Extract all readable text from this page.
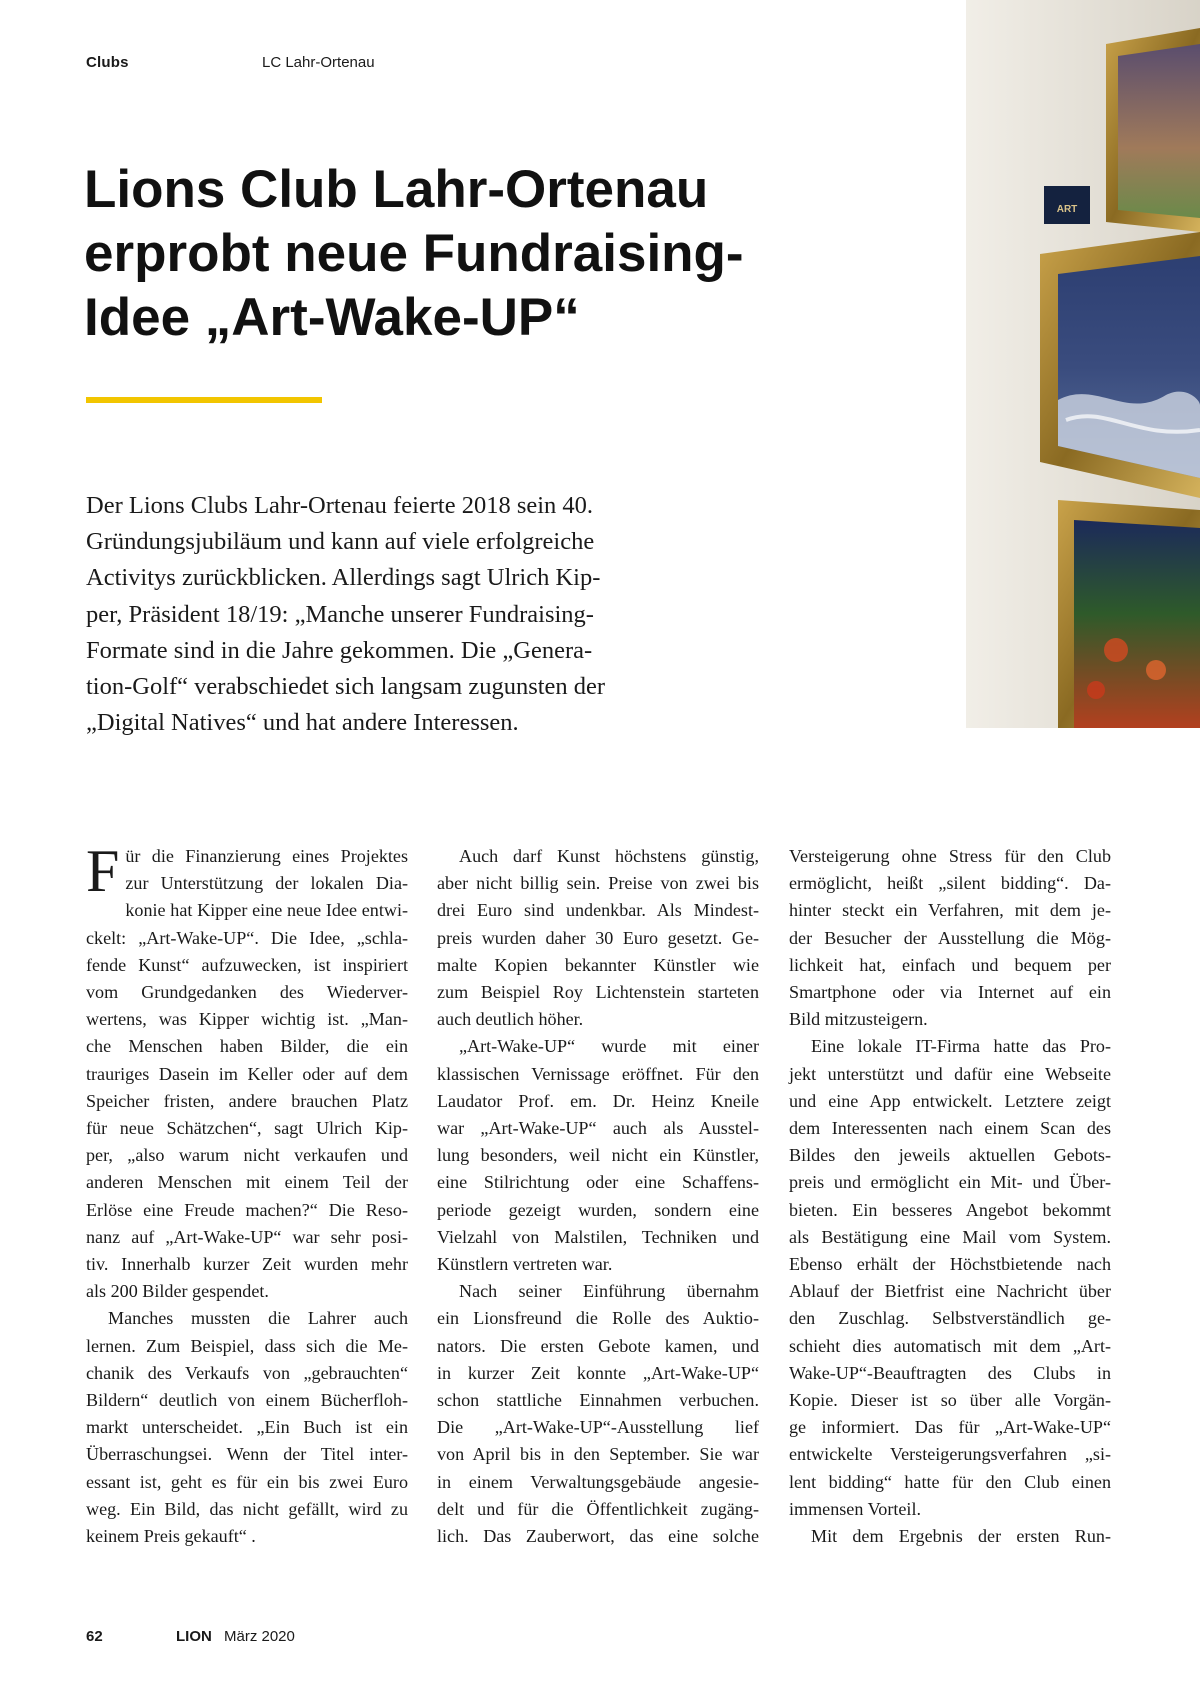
Clubs	LC Lahr-Ortenau
Lions Club Lahr-Ortenau
erprobt neue Fundraising-
Idee „Art-Wake-UP“

Der Lions Clubs Lahr-Ortenau feierte 2018 sein 40.
Gründungsjubiläum und kann auf viele erfolgreiche
Activitys zurückblicken. Allerdings sagt Ulrich Kip-
per, Präsident 18/19: „Manche unserer Fundraising-
Formate sind in die Jahre gekommen. Die „Genera-
tion-Golf“ verabschiedet sich langsam zugunsten der
„Digital Natives“ und hat andere Interessen.

ART
F ür die Finanzierung eines Projektes
zur Unterstützung der lokalen Dia-
konie hat Kipper eine neue Idee entwi-
ckelt: „Art-Wake-UP“. Die Idee, „schla-
fende Kunst“ aufzuwecken, ist inspiriert
vom Grundgedanken des Wiederver-
wertens, was Kipper wichtig ist. „Man-
che Menschen haben Bilder, die ein
trauriges Dasein im Keller oder auf dem
Speicher fristen, andere brauchen Platz
für neue Schätzchen“, sagt Ulrich Kip-
per, „also warum nicht verkaufen und
anderen Menschen mit einem Teil der
Erlöse eine Freude machen?“ Die Reso-
nanz auf „Art-Wake-UP“ war sehr posi-
tiv. Innerhalb kurzer Zeit wurden mehr
als 200 Bilder gespendet.
Manches mussten die Lahrer auch
lernen. Zum Beispiel, dass sich die Me-
chanik des Verkaufs von „gebrauchten“
Bildern“ deutlich von einem Bücherfloh-
markt unterscheidet. „Ein Buch ist ein
Überraschungsei. Wenn der Titel inter-
essant ist, geht es für ein bis zwei Euro
weg. Ein Bild, das nicht gefällt, wird zu
keinem Preis gekauft“ .
Auch darf Kunst höchstens günstig,
aber nicht billig sein. Preise von zwei bis
drei Euro sind undenkbar. Als Mindest-
preis wurden daher 30 Euro gesetzt. Ge-
malte Kopien bekannter Künstler wie
zum Beispiel Roy Lichtenstein starteten
auch deutlich höher.
„Art-Wake-UP“ wurde mit einer
klassischen Vernissage eröffnet. Für den
Laudator Prof. em. Dr. Heinz Kneile
war „Art-Wake-UP“ auch als Ausstel-
lung besonders, weil nicht ein Künstler,
eine Stilrichtung oder eine Schaffens-
periode gezeigt wurden, sondern eine
Vielzahl von Malstilen, Techniken und
Künstlern vertreten war.
Nach seiner Einführung übernahm
ein Lionsfreund die Rolle des Auktio-
nators. Die ersten Gebote kamen, und
in kurzer Zeit konnte „Art-Wake-UP“
schon stattliche Einnahmen verbuchen.
Die „Art-Wake-UP“-Ausstellung lief
von April bis in den September. Sie war
in einem Verwaltungsgebäude angesie-
delt und für die Öffentlichkeit zugäng-
lich. Das Zauberwort, das eine solche
Versteigerung ohne Stress für den Club
ermöglicht, heißt „silent bidding“. Da-
hinter steckt ein Verfahren, mit dem je-
der Besucher der Ausstellung die Mög-
lichkeit hat, einfach und bequem per
Smartphone oder via Internet auf ein
Bild mitzusteigern.
Eine lokale IT-Firma hatte das Pro-
jekt unterstützt und dafür eine Webseite
und eine App entwickelt. Letztere zeigt
dem Interessenten nach einem Scan des
Bildes den jeweils aktuellen Gebots-
preis und ermöglicht ein Mit- und Über-
bieten. Ein besseres Angebot bekommt
als Bestätigung eine Mail vom System.
Ebenso erhält der Höchstbietende nach
Ablauf der Bietfrist eine Nachricht über
den Zuschlag. Selbstverständlich ge-
schieht dies automatisch mit dem „Art-
Wake-UP“-Beauftragten des Clubs in
Kopie. Dieser ist so über alle Vorgän-
ge informiert. Das für „Art-Wake-UP“
entwickelte Versteigerungsverfahren „si-
lent bidding“ hatte für den Club einen
immensen Vorteil.
Mit dem Ergebnis der ersten Run-
62	LION März 2020
